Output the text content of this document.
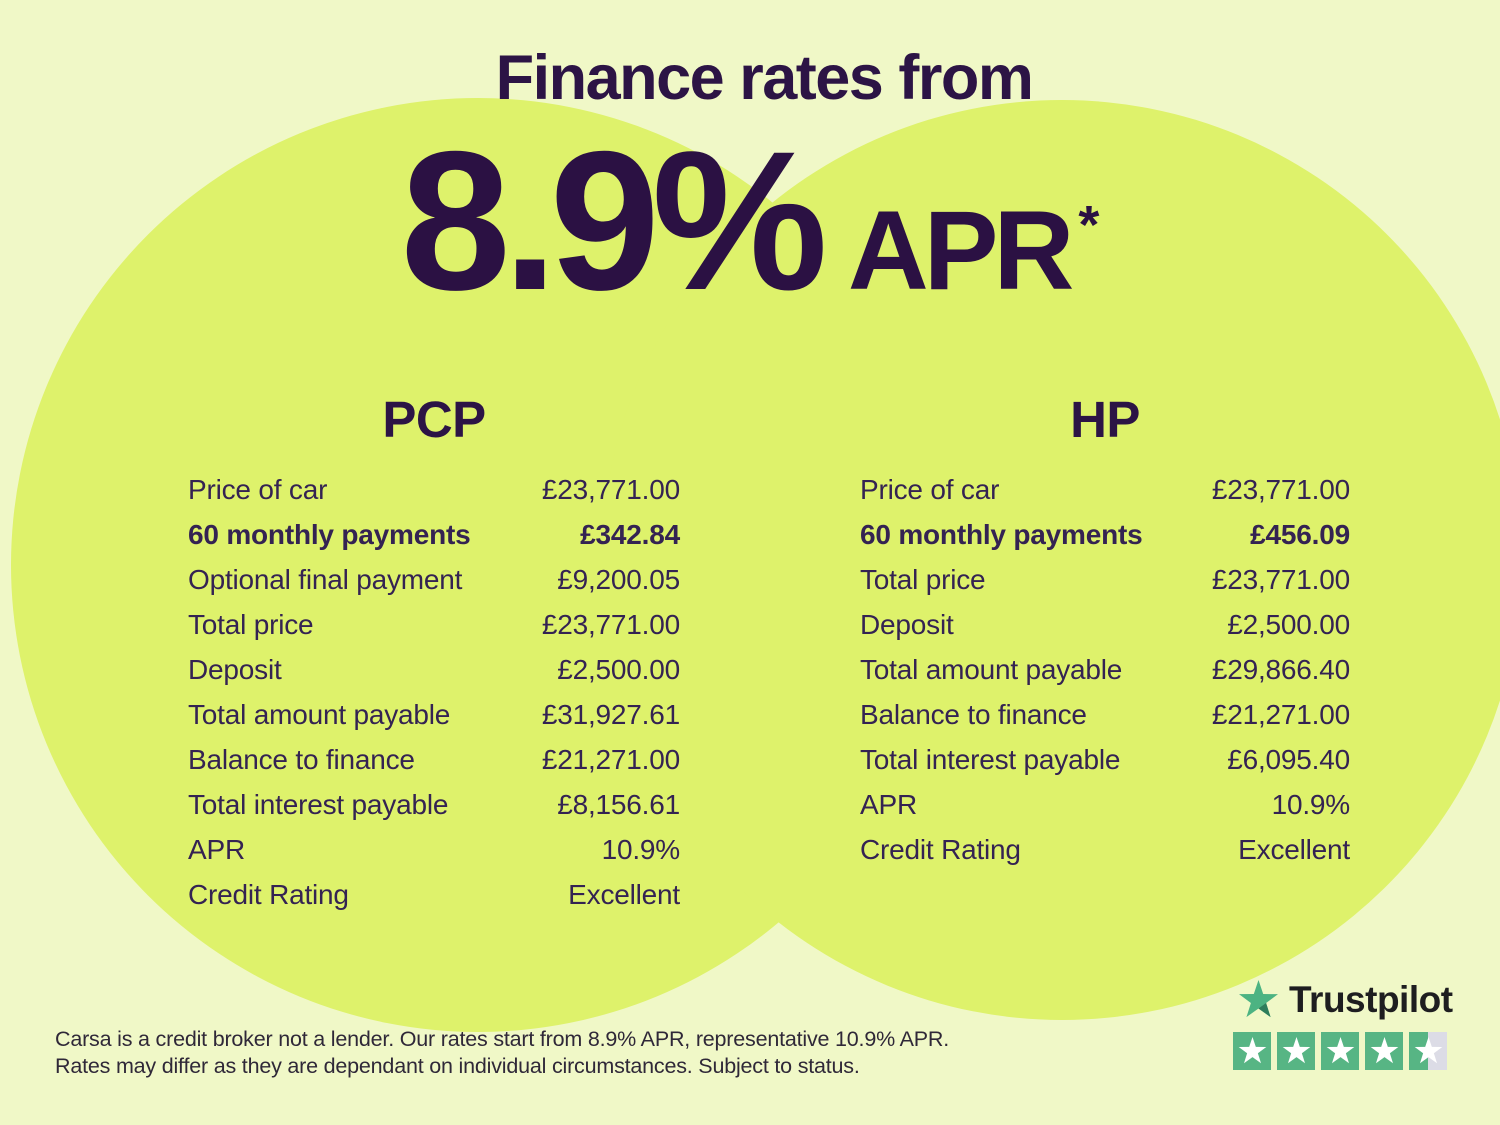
Finance rates from
8.9% APR *
PCP
Price of car	£23,771.00
60 monthly payments	£342.84
Optional final payment	£9,200.05
Total price	£23,771.00
Deposit	£2,500.00
Total amount payable	£31,927.61
Balance to finance	£21,271.00
Total interest payable	£8,156.61
APR	10.9%
Credit Rating	Excellent
HP
Price of car	£23,771.00
60 monthly payments	£456.09
Total price	£23,771.00
Deposit	£2,500.00
Total amount payable	£29,866.40
Balance to finance	£21,271.00
Total interest payable	£6,095.40
APR	10.9%
Credit Rating	Excellent
Carsa is a credit broker not a lender. Our rates start from 8.9% APR, representative 10.9% APR.
Rates may differ as they are dependant on individual circumstances. Subject to status.
Trustpilot
